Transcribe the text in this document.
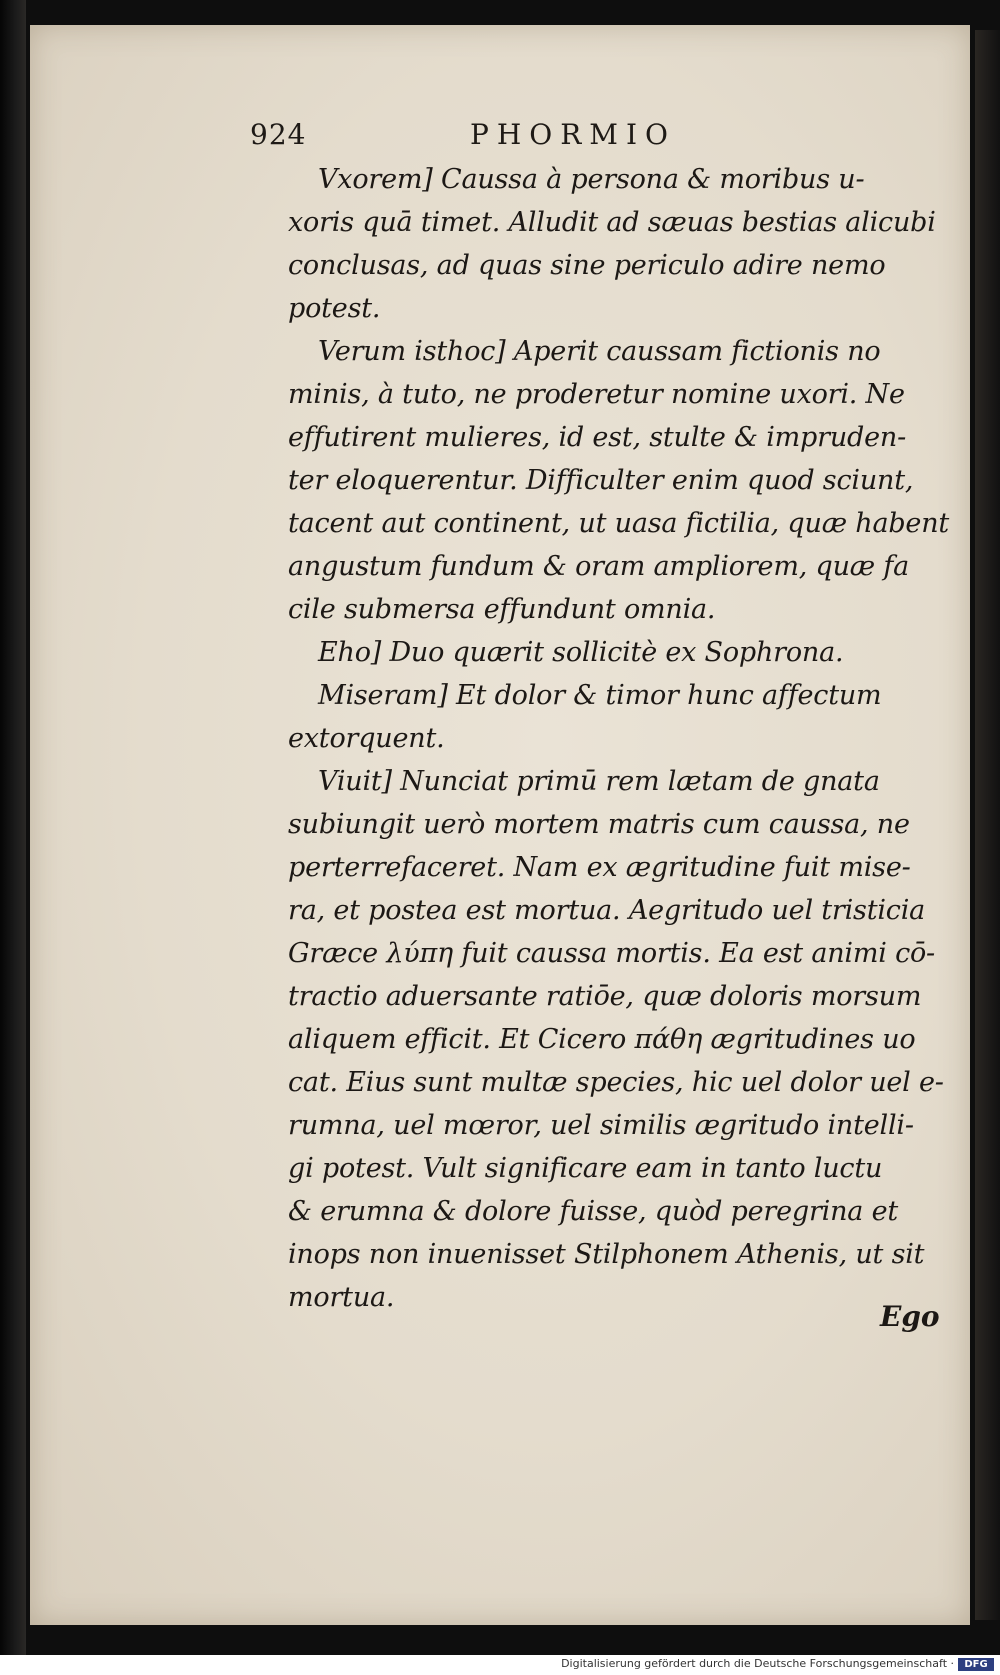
924	PHORMIO
Vxorem] Caussa à persona & moribus u-
xoris quā timet. Alludit ad sæuas bestias alicubi
conclusas, ad quas sine periculo adire nemo
potest.
Verum isthoc] Aperit caussam fictionis no
minis, à tuto, ne proderetur nomine uxori. Ne
effutirent mulieres, id est, stulte & impruden-
ter eloquerentur. Difficulter enim quod sciunt,
tacent aut continent, ut uasa fictilia, quæ habent
angustum fundum & oram ampliorem, quæ fa
cile submersa effundunt omnia.
Eho] Duo quærit sollicitè ex Sophrona.
Miseram] Et dolor & timor hunc affectum
extorquent.
Viuit] Nunciat primū rem lætam de gnata
subiungit uerò mortem matris cum caussa, ne
perterrefaceret. Nam ex ægritudine fuit mise-
ra, et postea est mortua. Aegritudo uel tristicia
Græce λύπη fuit caussa mortis. Ea est animi cō-
tractio aduersante ratiōe, quæ doloris morsum
aliquem efficit. Et Cicero πάθη ægritudines uo
cat. Eius sunt multæ species, hic uel dolor uel e-
rumna, uel mœror, uel similis ægritudo intelli-
gi potest. Vult significare eam in tanto luctu
& erumna & dolore fuisse, quòd peregrina et
inops non inuenisset Stilphonem Athenis, ut sit
mortua.
Ego
Digitalisierung gefördert durch die Deutsche Forschungsgemeinschaft ·	DFG
